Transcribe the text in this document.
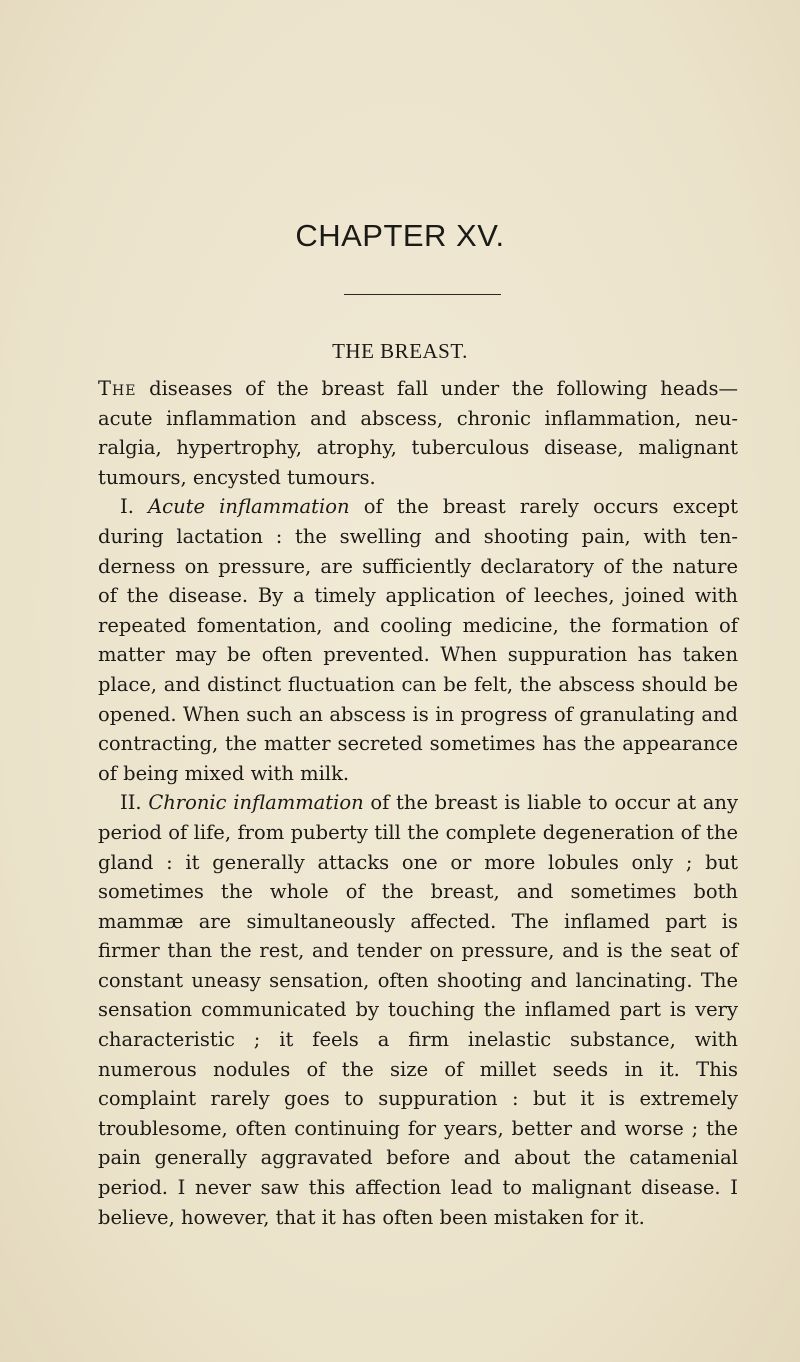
CHAPTER XV.
THE BREAST.

The diseases of the breast fall under the following heads— acute inflammation and abscess, chronic inflammation, neuralgia, hypertrophy, atrophy, tuberculous disease, malignant tumours, encysted tumours.

I. Acute inflammation of the breast rarely occurs except during lactation : the swelling and shooting pain, with tenderness on pressure, are sufficiently declaratory of the nature of the disease. By a timely application of leeches, joined with repeated fomentation, and cooling medicine, the formation of matter may be often prevented. When suppuration has taken place, and distinct fluctuation can be felt, the abscess should be opened. When such an abscess is in progress of granulating and contracting, the matter secreted sometimes has the appearance of being mixed with milk.

II. Chronic inflammation of the breast is liable to occur at any period of life, from puberty till the complete degeneration of the gland : it generally attacks one or more lobules only ; but sometimes the whole of the breast, and sometimes both mammæ are simultaneously affected. The inflamed part is firmer than the rest, and tender on pressure, and is the seat of constant uneasy sensation, often shooting and lancinating. The sensation communicated by touching the inflamed part is very characteristic ; it feels a firm inelastic substance, with numerous nodules of the size of millet seeds in it. This complaint rarely goes to suppuration : but it is extremely troublesome, often continuing for years, better and worse ; the pain generally aggravated before and about the catamenial period. I never saw this affection lead to malignant disease. I believe, however, that it has often been mistaken for it.
